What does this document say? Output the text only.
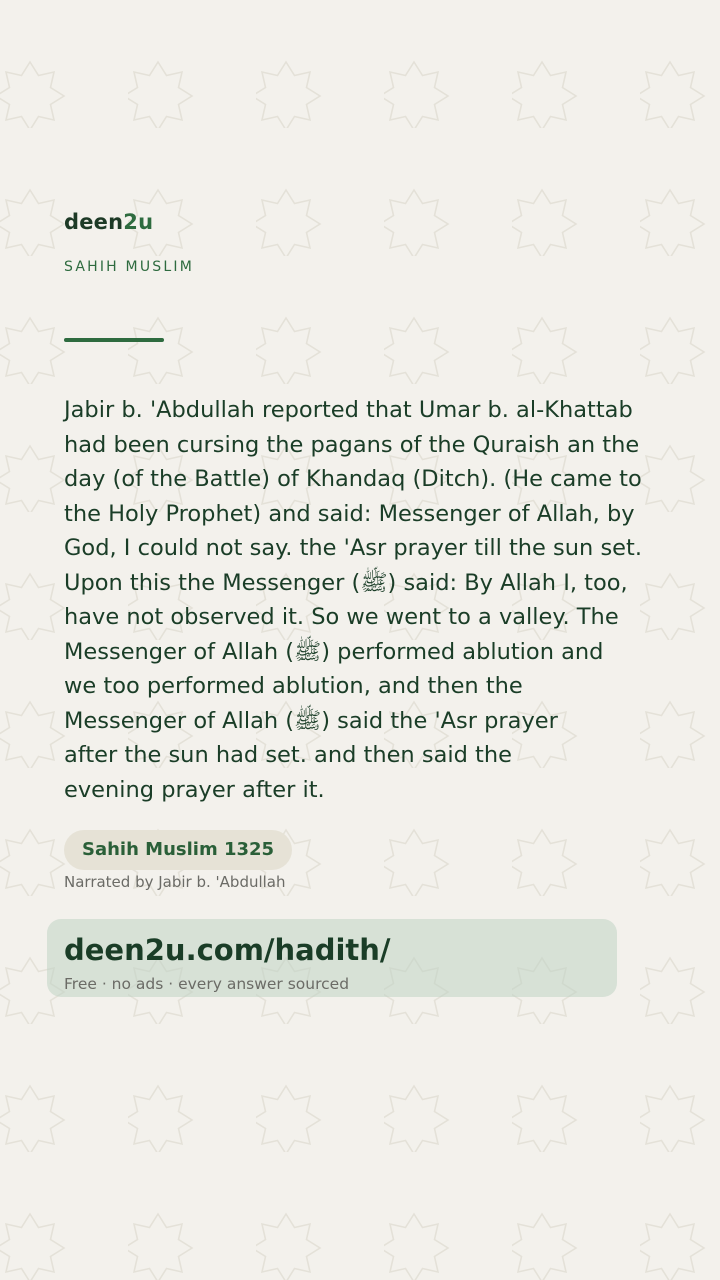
deen2u
SAHIH MUSLIM
Jabir b. 'Abdullah reported that Umar b. al-Khattab
had been cursing the pagans of the Quraish an the
day (of the Battle) of Khandaq (Ditch). (He came to
the Holy Prophet) and said: Messenger of Allah, by
God, I could not say. the 'Asr prayer till the sun set.
Upon this the Messenger (ﷺ) said: By Allah I, too,
have not observed it. So we went to a valley. The
Messenger of Allah (ﷺ) performed ablution and
we too performed ablution, and then the
Messenger of Allah (ﷺ) said the 'Asr prayer
after the sun had set. and then said the
evening prayer after it.
Sahih Muslim 1325
Narrated by Jabir b. 'Abdullah
deen2u.com/hadith/
Free · no ads · every answer sourced
